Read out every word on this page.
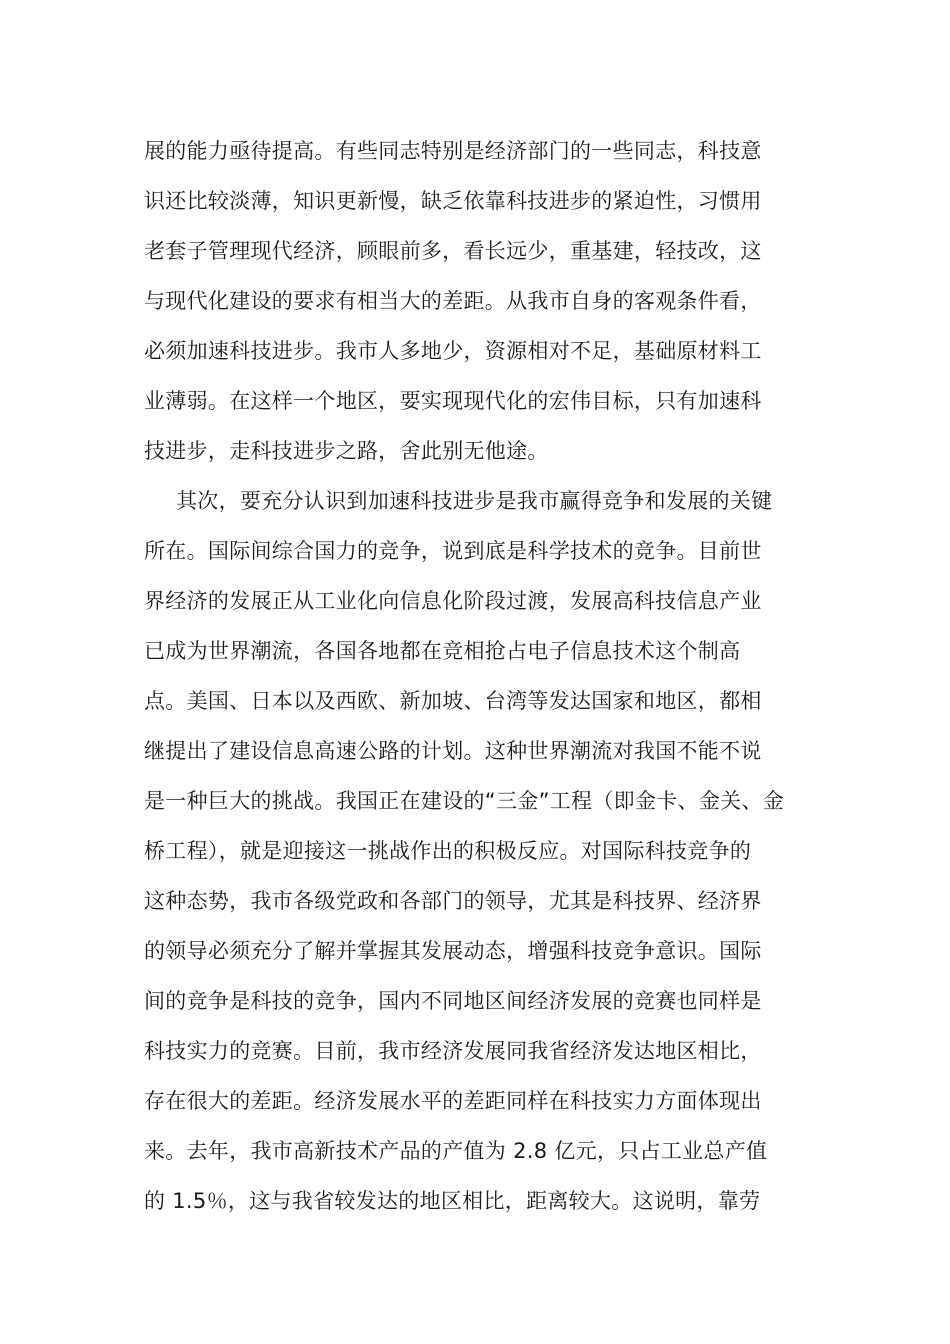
展的能力亟待提高。有些同志特别是经济部门的一些同志，科技意
识还比较淡薄，知识更新慢，缺乏依靠科技进步的紧迫性，习惯用
老套子管理现代经济，顾眼前多，看长远少，重基建，轻技改，这
与现代化建设的要求有相当大的差距。从我市自身的客观条件看，
必须加速科技进步。我市人多地少，资源相对不足，基础原材料工
业薄弱。在这样一个地区，要实现现代化的宏伟目标，只有加速科
技进步，走科技进步之路，舍此别无他途。
其次，要充分认识到加速科技进步是我市赢得竞争和发展的关键
所在。国际间综合国力的竞争，说到底是科学技术的竞争。目前世
界经济的发展正从工业化向信息化阶段过渡，发展高科技信息产业
已成为世界潮流，各国各地都在竞相抢占电子信息技术这个制高
点。美国、日本以及西欧、新加坡、台湾等发达国家和地区，都相
继提出了建设信息高速公路的计划。这种世界潮流对我国不能不说
是一种巨大的挑战。我国正在建设的“三金”工程（即金卡、金关、金
桥工程），就是迎接这一挑战作出的积极反应。对国际科技竞争的
这种态势，我市各级党政和各部门的领导，尤其是科技界、经济界
的领导必须充分了解并掌握其发展动态，增强科技竞争意识。国际
间的竞争是科技的竞争，国内不同地区间经济发展的竞赛也同样是
科技实力的竞赛。目前，我市经济发展同我省经济发达地区相比，
存在很大的差距。经济发展水平的差距同样在科技实力方面体现出
来。去年，我市高新技术产品的产值为 2.8 亿元，只占工业总产值
的 1.5％，这与我省较发达的地区相比，距离较大。这说明，靠劳
